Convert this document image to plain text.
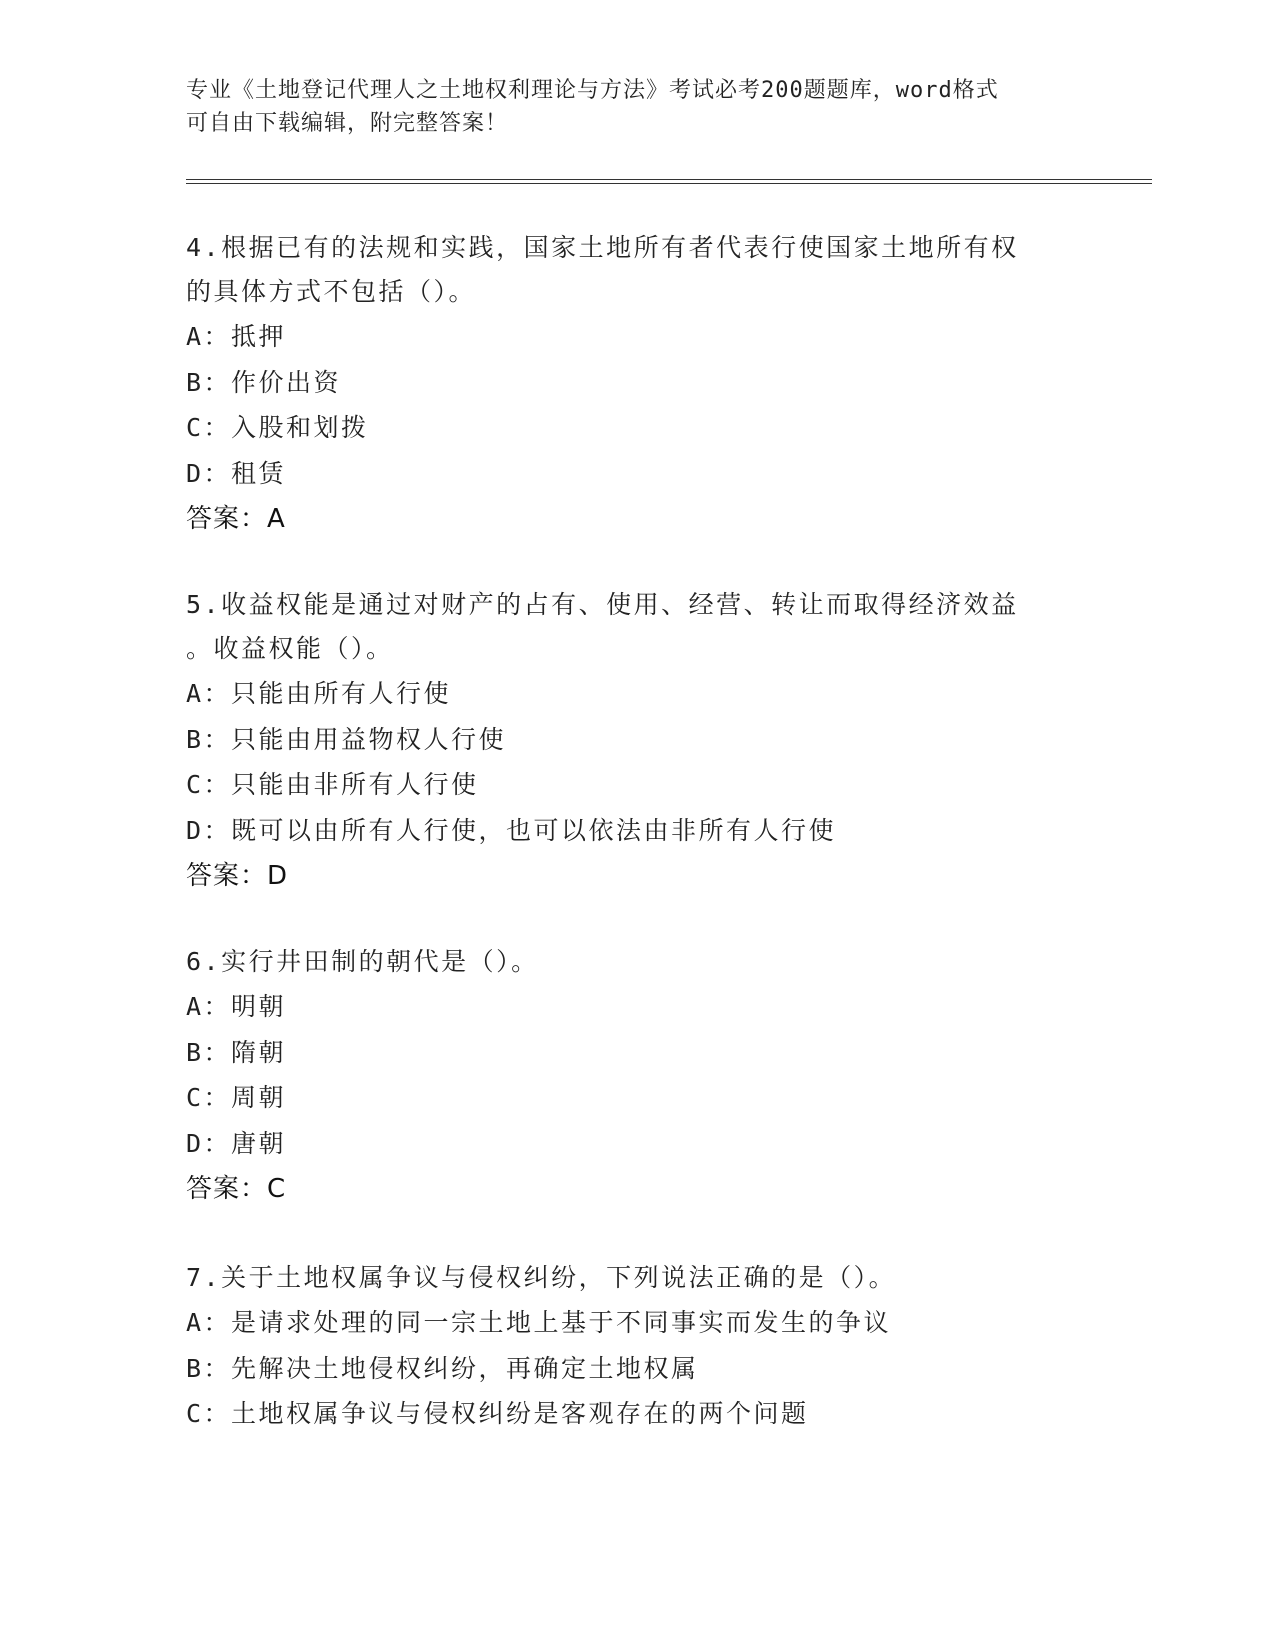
专业《土地登记代理人之土地权利理论与方法》考试必考200题题库，word格式
可自由下载编辑，附完整答案！

4.根据已有的法规和实践，国家土地所有者代表行使国家土地所有权

的具体方式不包括（）。

A：抵押

B：作价出资

C：入股和划拨

D：租赁

答案：A

5.收益权能是通过对财产的占有、使用、经营、转让而取得经济效益

。收益权能（）。

A：只能由所有人行使

B：只能由用益物权人行使

C：只能由非所有人行使

D：既可以由所有人行使，也可以依法由非所有人行使

答案：D

6.实行井田制的朝代是（）。

A：明朝

B：隋朝

C：周朝

D：唐朝

答案：C

7.关于土地权属争议与侵权纠纷，下列说法正确的是（）。

A：是请求处理的同一宗土地上基于不同事实而发生的争议

B：先解决土地侵权纠纷，再确定土地权属

C：土地权属争议与侵权纠纷是客观存在的两个问题
